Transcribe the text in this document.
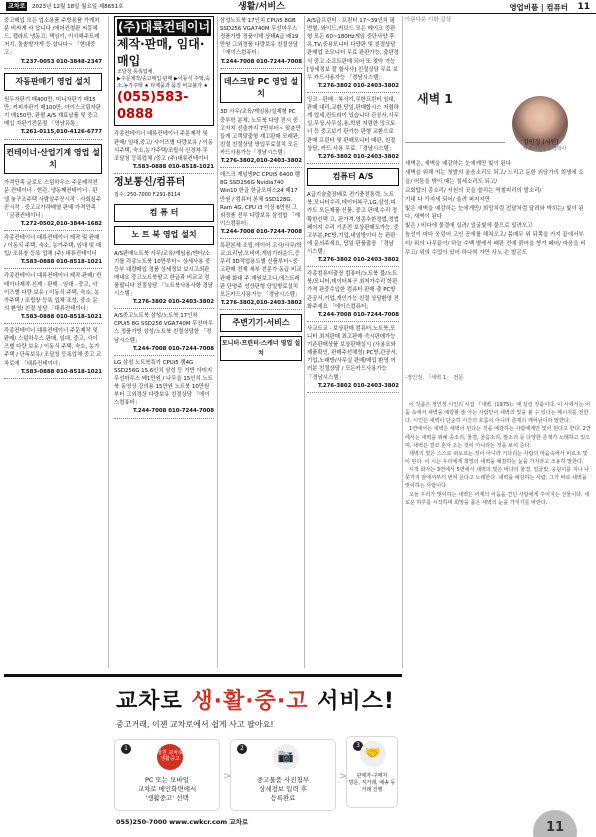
교차로	2023년 12월 18일 월요일 제8651호	생활/서비스	영업비품 | 컴퓨터 11
중고매입 모든 업소용품 주방용품 가게처분 비싸게 사 삽니다 /에어컨철판 씨몽헤드, 캡라트 냉동고, 책상기, 이사해주트레저기, 돌솥발가게 등 삽니다~ 「현대중고」
T.237-0053 010-3848-2347
자동판매기 영업 설치
원두자판기 매400만, 미니자판기 매15만, 커피자판기 매100만, 아이스크림자판기 매150만, 판팔 A/S 재료납품 및 중고매입 자판기전문점 「영남유통」
T.261-0115,010-4126-6777
컨테이너·산업기계 영업 설치
가격만족 글로도 스텀하우스 주문제작전문 컨테이너 · 현관, 냉동째컨테이너 · 판넬 놓구조주택 사람살주꾼시작 · 사회심주꾼시작 · 중고교가하배열 판매 가격만족 「금광컨테이너」
T.272-0502,010-3844-1682
각종컨테이너 대류컨테이너 제작 및 판매 / 이동식 주택, 숙소, 농가주택, 임대 및 매입/ 조류창 등록 업체 (주) 대류컨테이너
T.583-0888 010-8518-1021
각종컨테이너 대류컨테이너 제작·판매/ 컨테이너제작·신제 · 판매 · 임대 · 중고, 사이즈별 다량 보유 / 이동식 주택, 숙소, 농가주택 / 조립창 등록 업체 조성, 중소 문의 환영/ 친절 상담 「대류컨테이너」
T.583-0888 010-8518-1021
각종컨테이너 대류컨테이너 주문제작 및 판매/ 스텀하우스 판매, 임대, 중고, 사이즈별 다량 보유 / 이동식 주택, 숙소, 농가주택 / 단독보유/ 조달청 등록업체 중고 교차로에 「대류컨테이너」
T.583-0888 010-8518-1021
(주)대륙컨테이너
제작·판매, 임대·매입
조달청 등록업체
▶주문제작/중고매입·판매 ▶이동식 주택,숙소,농가주택 ★ 타제품과 품질 비교불가 ★
(055)583-0888
각종컨테이너 대류컨테이너 주문제작 및 판매/ 임대,중고/ 사이즈별 다량보유 / 이동식주택, 숙소,농가주택/조립식 신경착·무 조달청 등록업체 /중고 (주)대류컨테이너
T.583-0888 010-8518-1021
정보통신/컴퓨터
접수: 250-7000 F.291-8114
컴 퓨 터
노 트 북 영업 설치
A/S판매노트북 사무/교육/게임용/엔터/소기를 각종노트북 10만부터~ 상세사용 중등부 대량매입 정품 상세정보 보시고최판매내요 중고노트북팔고 한글과 비교교 정품팝니다 친절상담 「노트북사용사항 경남시스템」
T.276-3802 010-2403-3802
A/S중고노트북 삼성/노트북 17인치 CPUi5 8G SSD256 VGA740M 무선마우스 정품가방 삼성/노트북 친절상담한 「경남시스템」
T.244-7008 010-7244-7008
LG 삼성 노트북특가 CPUi5 램4G SSD256G 15.6인치 삼성 등 기반 아미지 무선마우스 배1만원 / 나무을 15인치 노트북 동영상 강의용 15만원 노트북 10만원부터 그외정상 다량보유 친절상담 「에이스컴퓨터」
T.244-7008 010-7244-7008
삼성노트북 17인치 CPUi5 8GB SSD256 VGA740M 무선마우스 정품가방 정품이데 상태A급 배19만원 그외정품 다량보유 친절상담 「에이스컴퓨터」
T.244-7008 010-7244-7008
데스크탑 PC 영업 설치
3D 사무/교육/게임용/실제형 PC 중루학 분체, 노트북 다양 전시 중고자지 선출까지 7만부터~ 맞춘만들게 고객맞춤형 재고판매 모래판, 친절 친절상담 방입무료설치 모든카드사용가능「경남시스템」
T.276-3802,010-2403-3802
데스크 게임방PC CPUi5 6400 램8G SSD256G Nvidia740 Win10 한글 한글오피스24 패17만원 / 컴퓨터 본체 SSD128G. Ram 4G, CPU i3 이상 6만원 그외정품 전부 다량보유 삼성합 「에이스컴퓨터」
T.244-7008 010-7244-7008
특판본체 조립,에이어 고사/사무/학교,요리남,오비여,게임기라운드,증무리 3D작업용도별 신품부터~중고판매 전제 세부 전문가 동급 비교판매 화대 주 재원보고니,에스트레판 단양주 성상판형 당일방료설치 모든카드사용가능 「경남시스템」
T.276-3802,010-2403-3802
주변기기·서비스
모니터·프린터·스캐너 영업 설치
A/S급프린터 · 프린터 17~39인치 평면형, 와이드,커브드 모든 메이크 중판형 모든 60~180Hz게임 중단사양 후유,TV,중용모니터 다양판 및 친절상담 판매업 조모니터 무료 판판가능, 출판정식 중고 소프트판매 되어 또 찾아 가능 [상세정보 잘 할사사] 친절상담 무료 보우 카드사용가능 「경남시스템」
T.276-3802 010-2403-3802
잉크 · 판매 · 복사기,무한프린터 임대,판매 대리,교환,당일,판매합시스 저렴하게 업세,컨트라이 있습니다 관공서,사무실,무상,사무실,용,학원 저렴한 잉크토너 등 중고보기 판가능 판형 교환으로 판매 프린터 및 판매모니터 매판, 친절상담, 카드 사용 무료 「경남시스템」
T.276-3802 010-2403-3802
컴퓨터 A/S
A급기술출장배로 전기충전통력, 노트북,모니터수리,데이터복구,LG,삼성,피가도 모든제품 신품, 중고 판매,수리 정확한선택 고, 판가격,영종수한정법,정법 페이지 수리 기존전 보상판매도가능, 중고부분,PC방,기업,네임방이다 능 판판에 문의주세요, 당일 판품출장 「경남시스템」
T.276-3802 010-2403-3802
각종컴퓨터출장 컴퓨터/노트북 불/노트북/모니터,데이터복구 최저가수리 학판가격 판중수입한 컴퓨터 판매 출 PC방 관공서,기업,개인가능 친절 상담환영 전화주세요 「에이스컴퓨터」
T.244-7008 010-7244-7008
사교도교 · 보상판매 컴퓨터,노트북,모니터 최저판매 최고판매 즉시판매가능 기존판매상품 보상판매실시 (사용요와 제품확인, 판매주선해정) PC방,관공서,기업,노래방/사무실 판매/매입 환영 여러분 친절상담 / 모든카드사용가능 「경남시스템」
T.276-3802 010-2403-3802
아름다운 시화 감상
새벽 1
김인정 (시인)
시조시인 | 문학박사

새벽은, 새벽을 예감하는 눈에게만 빛이 된다

새벽을 위해 저는 첫발의 울음소리도 되고/ 느리고 둔한 외담가의 희생에 소을/ 어둠을 밖이 때는 침세소리도 되고/

교회탑의 종소리/ 서원의 곳을 쓸리는 역철피리의 발소리/

기대 다 가지세 되어/ 울려 퍼지지만

빛은 새벽을 예감하는 눈에게만/ 희망처럼 전달처럼 달려와 박히는/ 빛이 된다, 새벽이 된다

빛은 / 비다에 물결에 실려/ 얼굴빛에 물으로 밀려오고

높선이 마다 웅덩어 고인 공에를 헤쳐오고/ 몸매무 위 뒤쪽을 가지 끝에서부터/ 위의 나무끝이/ 하늘 수백 볕에서 배판 전에 붉어을 향기 떼어/ 마음을 비우고/ 위의 수업이 있어 하나씩 가만 사노 손 발곤도

-정인정, 「새벽 1」 전문

이 작품은 정인정 시인의 시집 『새벽, (1975)』에 실린 작품이다. 이 시에서는 어둠 속에서 새벽을 예감할 줄 아는 사람만이 새벽의 빛을 볼 수 있다는 메시지를 전한다. 시인은 새벽이 단순히 시간의 흐름이 아니라 존재의 깨어남이라 말한다.

1연에서는 새벽은 새벽이 된다는 것을 예감하는 사람에게만 빛이 된다고 한다. 2연에서는 새벽을 위해 종소리, 물결, 울음소리, 발소리 등 다양한 존재가 노래하고 있으며, 새벽은 결코 혼자 오는 것이 아니라는 것을 보여 준다.

새벽의 빛은 스스로 떠오르는 것이 아니라 기다리는 사람의 마음속에서 비로소 빛이 된다. 이 시는 우리에게 희망의 새벽을 예감하는 눈을 가지라고 조용히 말한다.

시적 화자는 3연에서 5연에서 새벽의 빛은 바다의 물결, 얼굴빛, 웅덩이를 지나 나뭇가지 끝에서부터 번져 온다고 노래한다. 새벽을 예감하는 사람, 그가 바로 새벽을 맞이하는 사람이다.

오늘 우리가 맞이하는 새벽은 어제의 어둠을 견딘 사람에게 주어지는 선물이다. 새로운 하루를 시작하며 희망을 품은 새벽의 눈을 가지기를 바란다.

11
교차로 생·활·중·고 서비스!
중고거래, 이젠 교차로에서 쉽게 사고 팔아요!
1
창원 교차로 생활중고
PC 또는 모바일
교차로 메인화면에서
'생활중고' 선택
>
2
📷
중고물품 사진첨부
상세정보 입력 후
등록완료
>
055)250-7000 www.cwkcr.com 교차로
3
🤝
판매자-구매자
방문, 직거래, 배송 등
거래 진행
